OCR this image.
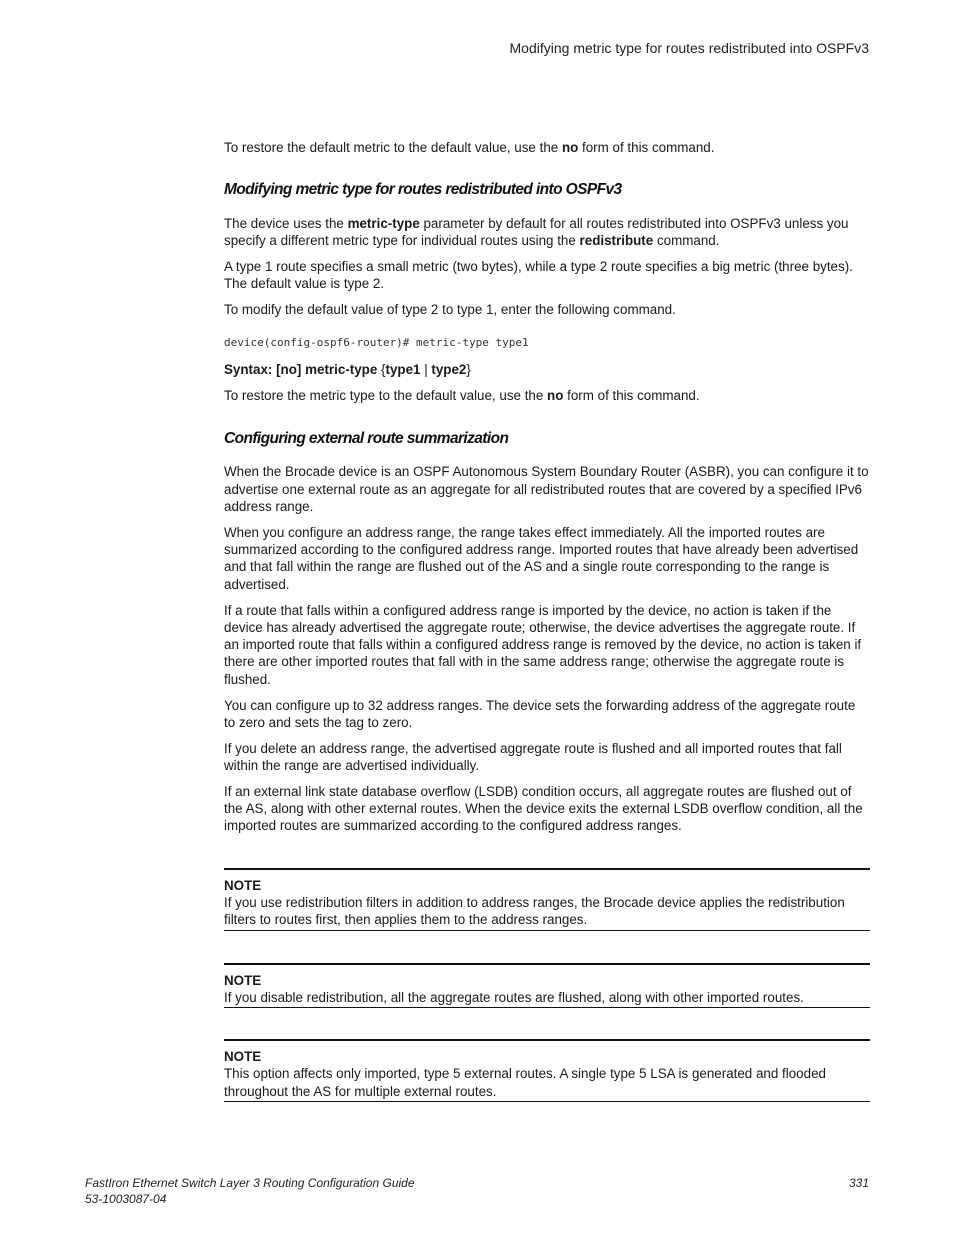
Modifying metric type for routes redistributed into OSPFv3

To restore the default metric to the default value, use the no form of this command.

Modifying metric type for routes redistributed into OSPFv3

The device uses the metric-type parameter by default for all routes redistributed into OSPFv3 unless you specify a different metric type for individual routes using the redistribute command.

A type 1 route specifies a small metric (two bytes), while a type 2 route specifies a big metric (three bytes). The default value is type 2.

To modify the default value of type 2 to type 1, enter the following command.

device(config-ospf6-router)# metric-type type1

Syntax: [no] metric-type {type1 | type2}

To restore the metric type to the default value, use the no form of this command.

Configuring external route summarization

When the Brocade device is an OSPF Autonomous System Boundary Router (ASBR), you can configure it to advertise one external route as an aggregate for all redistributed routes that are covered by a specified IPv6 address range.

When you configure an address range, the range takes effect immediately. All the imported routes are summarized according to the configured address range. Imported routes that have already been advertised and that fall within the range are flushed out of the AS and a single route corresponding to the range is advertised.

If a route that falls within a configured address range is imported by the device, no action is taken if the device has already advertised the aggregate route; otherwise, the device advertises the aggregate route. If an imported route that falls within a configured address range is removed by the device, no action is taken if there are other imported routes that fall with in the same address range; otherwise the aggregate route is flushed.

You can configure up to 32 address ranges. The device sets the forwarding address of the aggregate route to zero and sets the tag to zero.

If you delete an address range, the advertised aggregate route is flushed and all imported routes that fall within the range are advertised individually.

If an external link state database overflow (LSDB) condition occurs, all aggregate routes are flushed out of the AS, along with other external routes. When the device exits the external LSDB overflow condition, all the imported routes are summarized according to the configured address ranges.

NOTE

If you use redistribution filters in addition to address ranges, the Brocade device applies the redistribution filters to routes first, then applies them to the address ranges.

NOTE

If you disable redistribution, all the aggregate routes are flushed, along with other imported routes.

NOTE

This option affects only imported, type 5 external routes. A single type 5 LSA is generated and flooded throughout the AS for multiple external routes.

FastIron Ethernet Switch Layer 3 Routing Configuration Guide
53-1003087-04
331
